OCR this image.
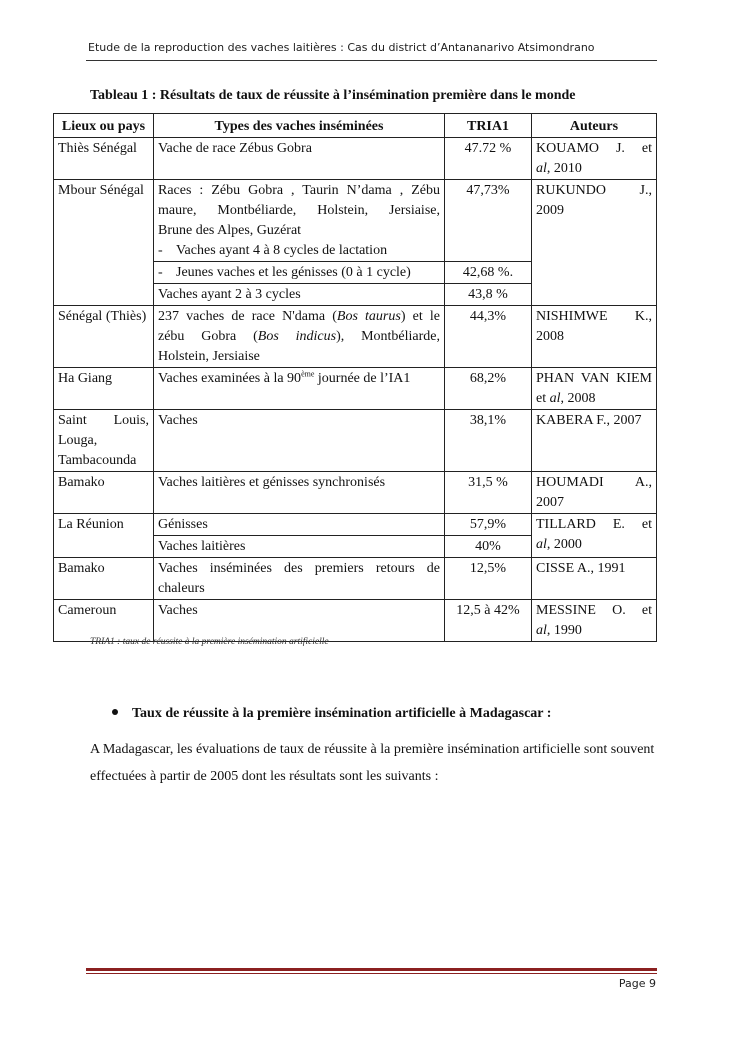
Etude de la reproduction des vaches laitières : Cas du district d’Antananarivo Atsimondrano
Tableau 1 : Résultats de taux de réussite à l’insémination première dans le monde
Lieux ou pays	Types des vaches inséminées	TRIA1	Auteurs
Thiès Sénégal	Vache de race Zébus Gobra	47.72 %	KOUAMO J. et
al, 2010

Mbour Sénégal	Races : Zébu Gobra , Taurin N’dama , Zébu maure, Montbéliarde, Holstein, Jersiaise,
Brune des Alpes, Guzérat
- Vaches ayant 4 à 8 cycles de lactation	47,73%	RUKUNDO J., 2009

	- Jeunes vaches et les génisses (0 à 1 cycle)	42,68 %.	
	Vaches ayant 2 à 3 cycles	43,8 %	
Sénégal (Thiès)	237 vaches de race N'dama (Bos taurus) et le zébu Gobra (Bos indicus), Montbéliarde, Holstein, Jersiaise	44,3%	NISHIMWE K., 2008
Ha Giang	Vaches examinées à la 90ème journée de l’IA1	68,2%	PHAN VAN KIEM et al, 2008
Saint Louis, Louga, Tambacounda	Vaches	38,1%	KABERA F., 2007
Bamako	Vaches laitières et génisses synchronisés	31,5 %	HOUMADI A., 2007
La Réunion	Génisses	57,9%	TILLARD E. et
al, 2000

	Vaches laitières	40%	
Bamako	Vaches inséminées des premiers retours de chaleurs	12,5%	CISSE A., 1991
Cameroun	Vaches	12,5 à 42%	MESSINE O. et
al, 1990
TRIA1 : taux de réussite à la première insémination artificielle
Taux de réussite à la première insémination artificielle à Madagascar :
A Madagascar, les évaluations de taux de réussite à la première insémination artificielle sont souvent effectuées à partir de 2005 dont les résultats sont les suivants :
Page 9
